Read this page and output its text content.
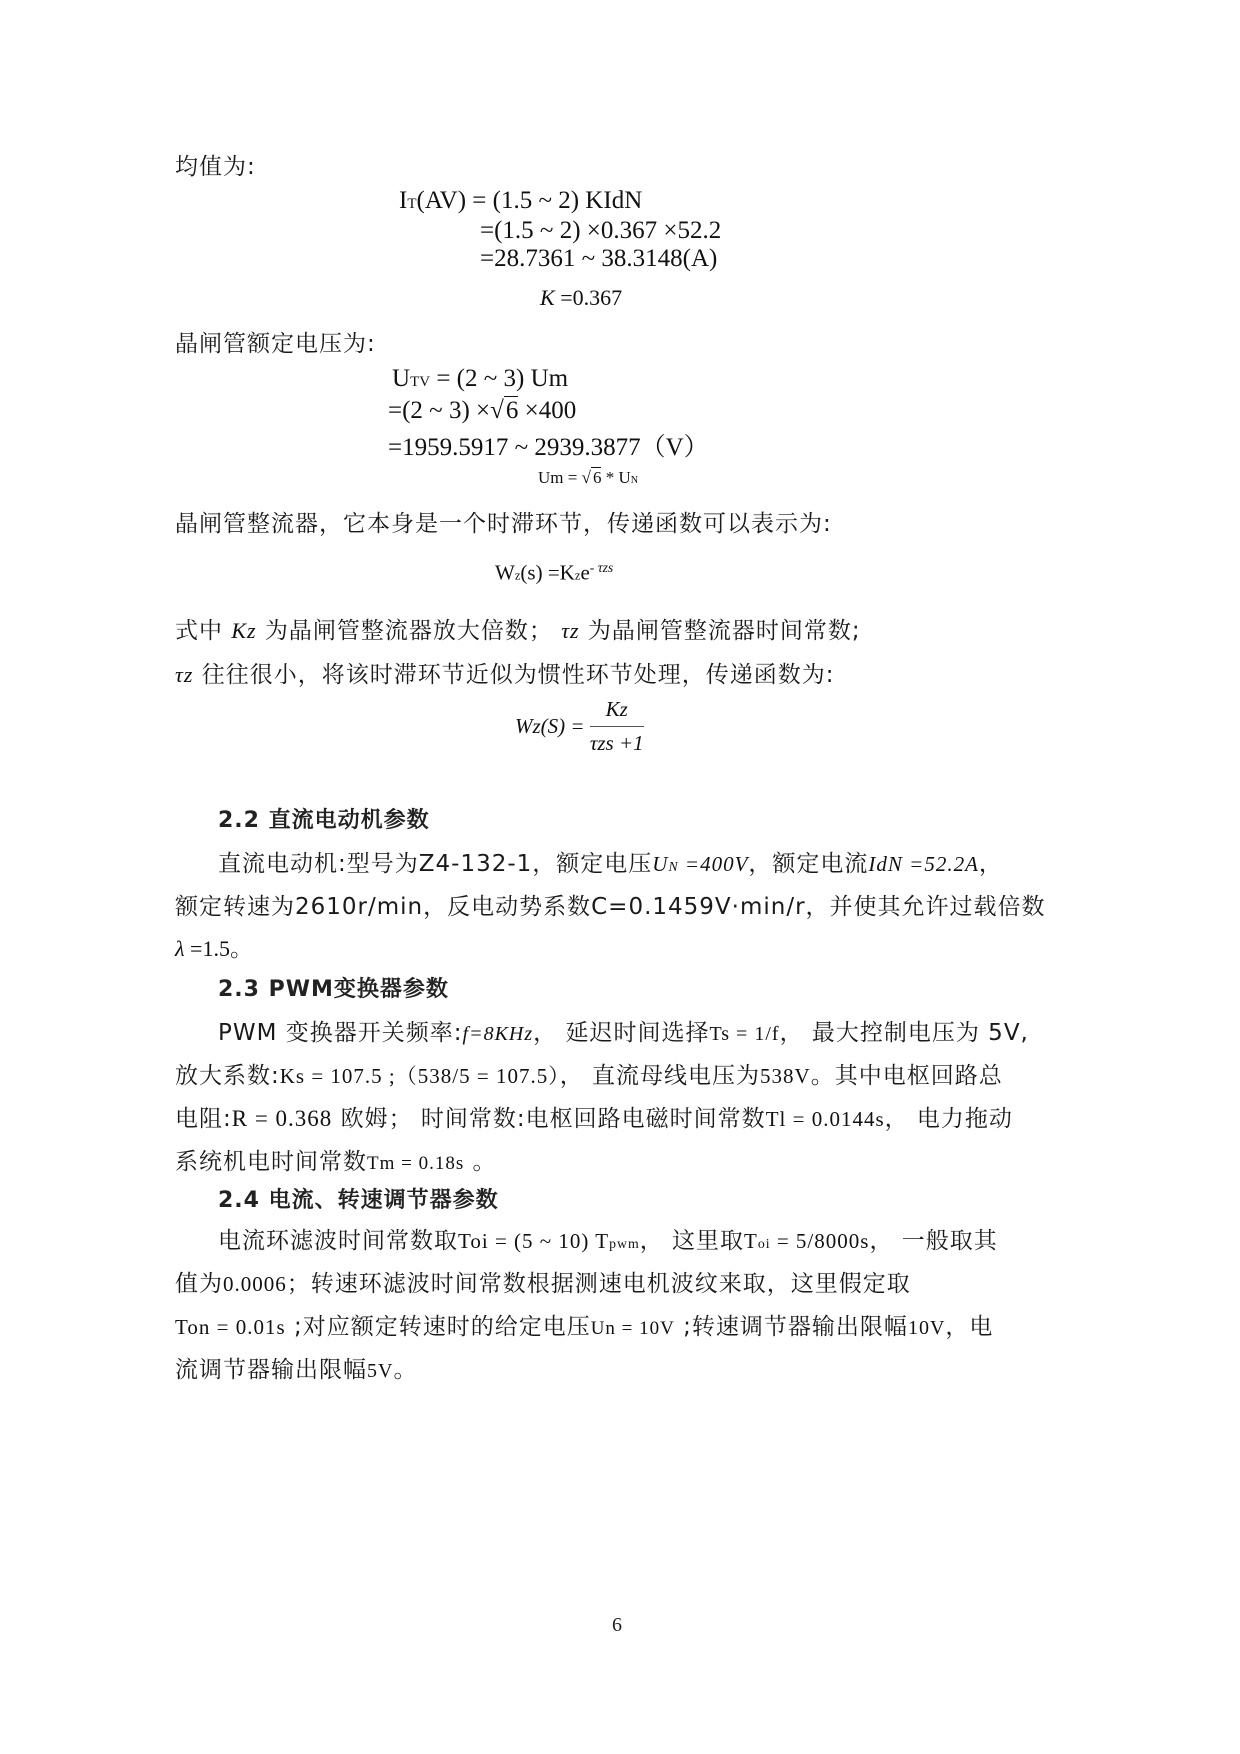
均值为:
IT(AV) = (1.5 ~ 2) KIdN
=(1.5 ~ 2) ×0.367 ×52.2
=28.7361 ~ 38.3148(A)
K =0.367
晶闸管额定电压为:
UTV = (2 ~ 3) Um
=(2 ~ 3) ×√6 ×400
=1959.5917 ~ 2939.3877（V）
Um = √ 6 * UN
晶闸管整流器，它本身是一个时滞环节，传递函数可以表示为:
Wz(s) =Kze$^{- \tau zs}$
式中 Kz 为晶闸管整流器放大倍数； τz 为晶闸管整流器时间常数;
τz 往往很小，将该时滞环节近似为惯性环节处理，传递函数为:
$Wz(S) = \frac{Kz}{\text{τzs +1}}$
2.2 直流电动机参数
直流电动机:型号为Z4-132-1，额定电压UN =400V，额定电流IdN =52.2A，
额定转速为2610r/min，反电动势系数C=0.1459V·min/r，并使其允许过载倍数
λ =1.5。
2.3 PWM变换器参数
PWM 变换器开关频率:f=8KHz， 延迟时间选择Ts = 1/f， 最大控制电压为 5V,
放大系数:Ks = 107.5 ;（538/5 = 107.5）， 直流母线电压为538V。其中电枢回路总
电阻:R = 0.368 欧姆； 时间常数:电枢回路电磁时间常数Tl = 0.0144s， 电力拖动
系统机电时间常数Tm = 0.18s 。
2.4 电流、转速调节器参数
电流环滤波时间常数取Toi = (5 ~ 10) Tpwm， 这里取Toi = 5/8000s， 一般取其
值为0.0006；转速环滤波时间常数根据测速电机波纹来取，这里假定取
Ton = 0.01s ;对应额定转速时的给定电压Un = 10V ;转速调节器输出限幅10V，电
流调节器输出限幅5V。
6
